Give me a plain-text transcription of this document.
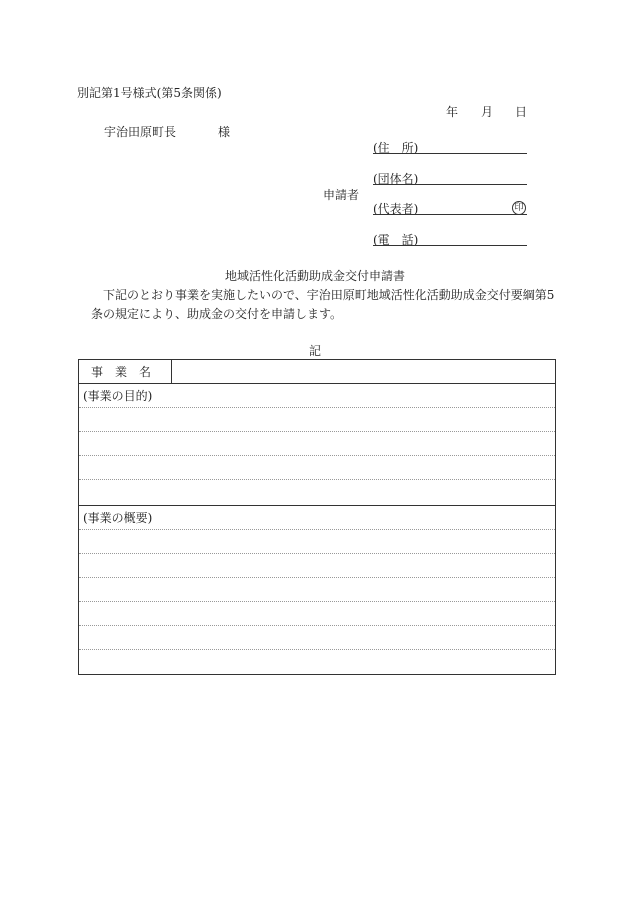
別記第1号様式(第5条関係)
年 月 日
宇治田原町長	様
申請者
(住　所)
(団体名)
(代表者)	印
(電　話)
地域活性化活動助成金交付申請書
下記のとおり事業を実施したいので、宇治田原町地域活性化活動助成金交付要綱第5
条の規定により、助成金の交付を申請します。
記
事　業　名	
(事業の目的)
(事業の概要)
